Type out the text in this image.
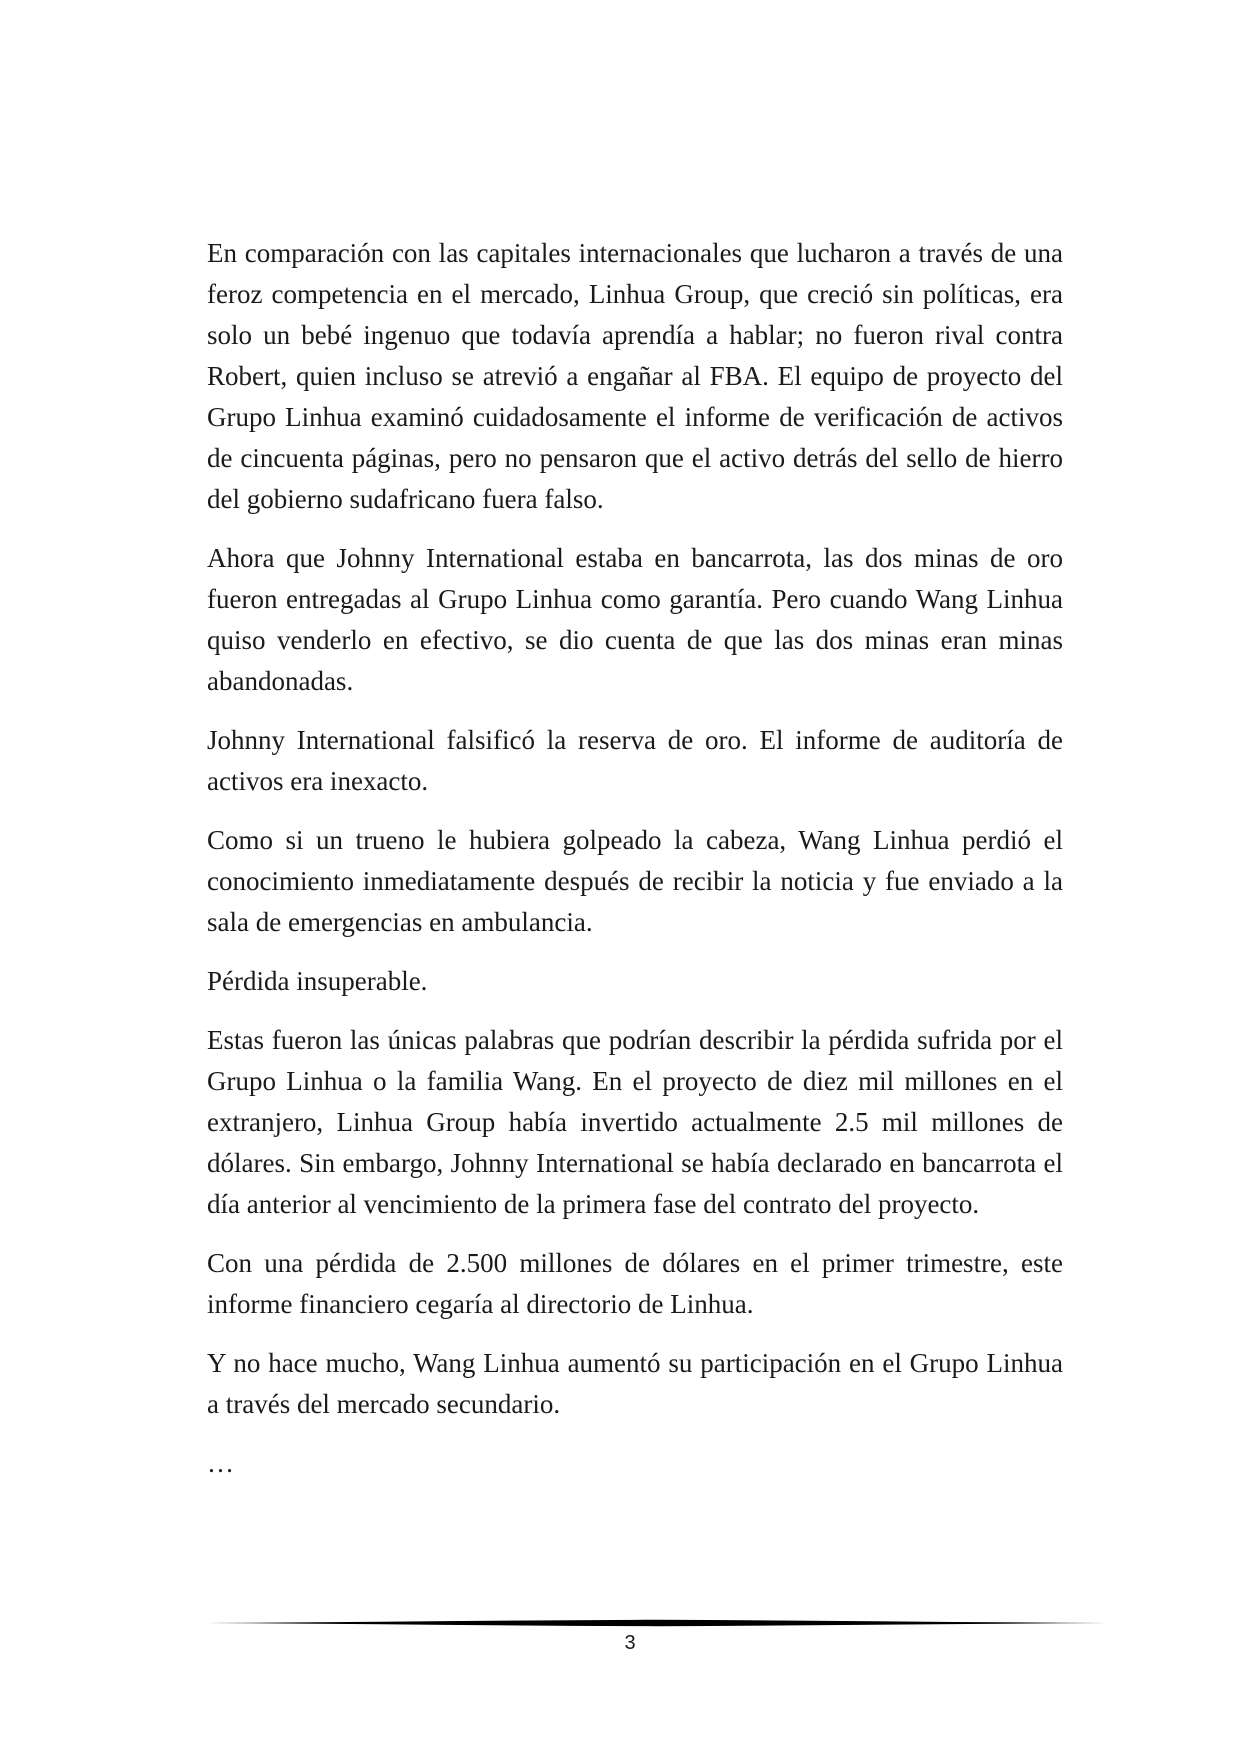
En comparación con las capitales internacionales que lucharon a través de una feroz competencia en el mercado, Linhua Group, que creció sin políticas, era solo un bebé ingenuo que todavía aprendía a hablar; no fueron rival contra Robert, quien incluso se atrevió a engañar al FBA. El equipo de proyecto del Grupo Linhua examinó cuidadosamente el informe de verificación de activos de cincuenta páginas, pero no pensaron que el activo detrás del sello de hierro del gobierno sudafricano fuera falso.

Ahora que Johnny International estaba en bancarrota, las dos minas de oro fueron entregadas al Grupo Linhua como garantía. Pero cuando Wang Linhua quiso venderlo en efectivo, se dio cuenta de que las dos minas eran minas abandonadas.

Johnny International falsificó la reserva de oro. El informe de auditoría de activos era inexacto.

Como si un trueno le hubiera golpeado la cabeza, Wang Linhua perdió el conocimiento inmediatamente después de recibir la noticia y fue enviado a la sala de emergencias en ambulancia.

Pérdida insuperable.

Estas fueron las únicas palabras que podrían describir la pérdida sufrida por el Grupo Linhua o la familia Wang. En el proyecto de diez mil millones en el extranjero, Linhua Group había invertido actualmente 2.5 mil millones de dólares. Sin embargo, Johnny International se había declarado en bancarrota el día anterior al vencimiento de la primera fase del contrato del proyecto.

Con una pérdida de 2.500 millones de dólares en el primer trimestre, este informe financiero cegaría al directorio de Linhua.

Y no hace mucho, Wang Linhua aumentó su participación en el Grupo Linhua a través del mercado secundario.

…

3
